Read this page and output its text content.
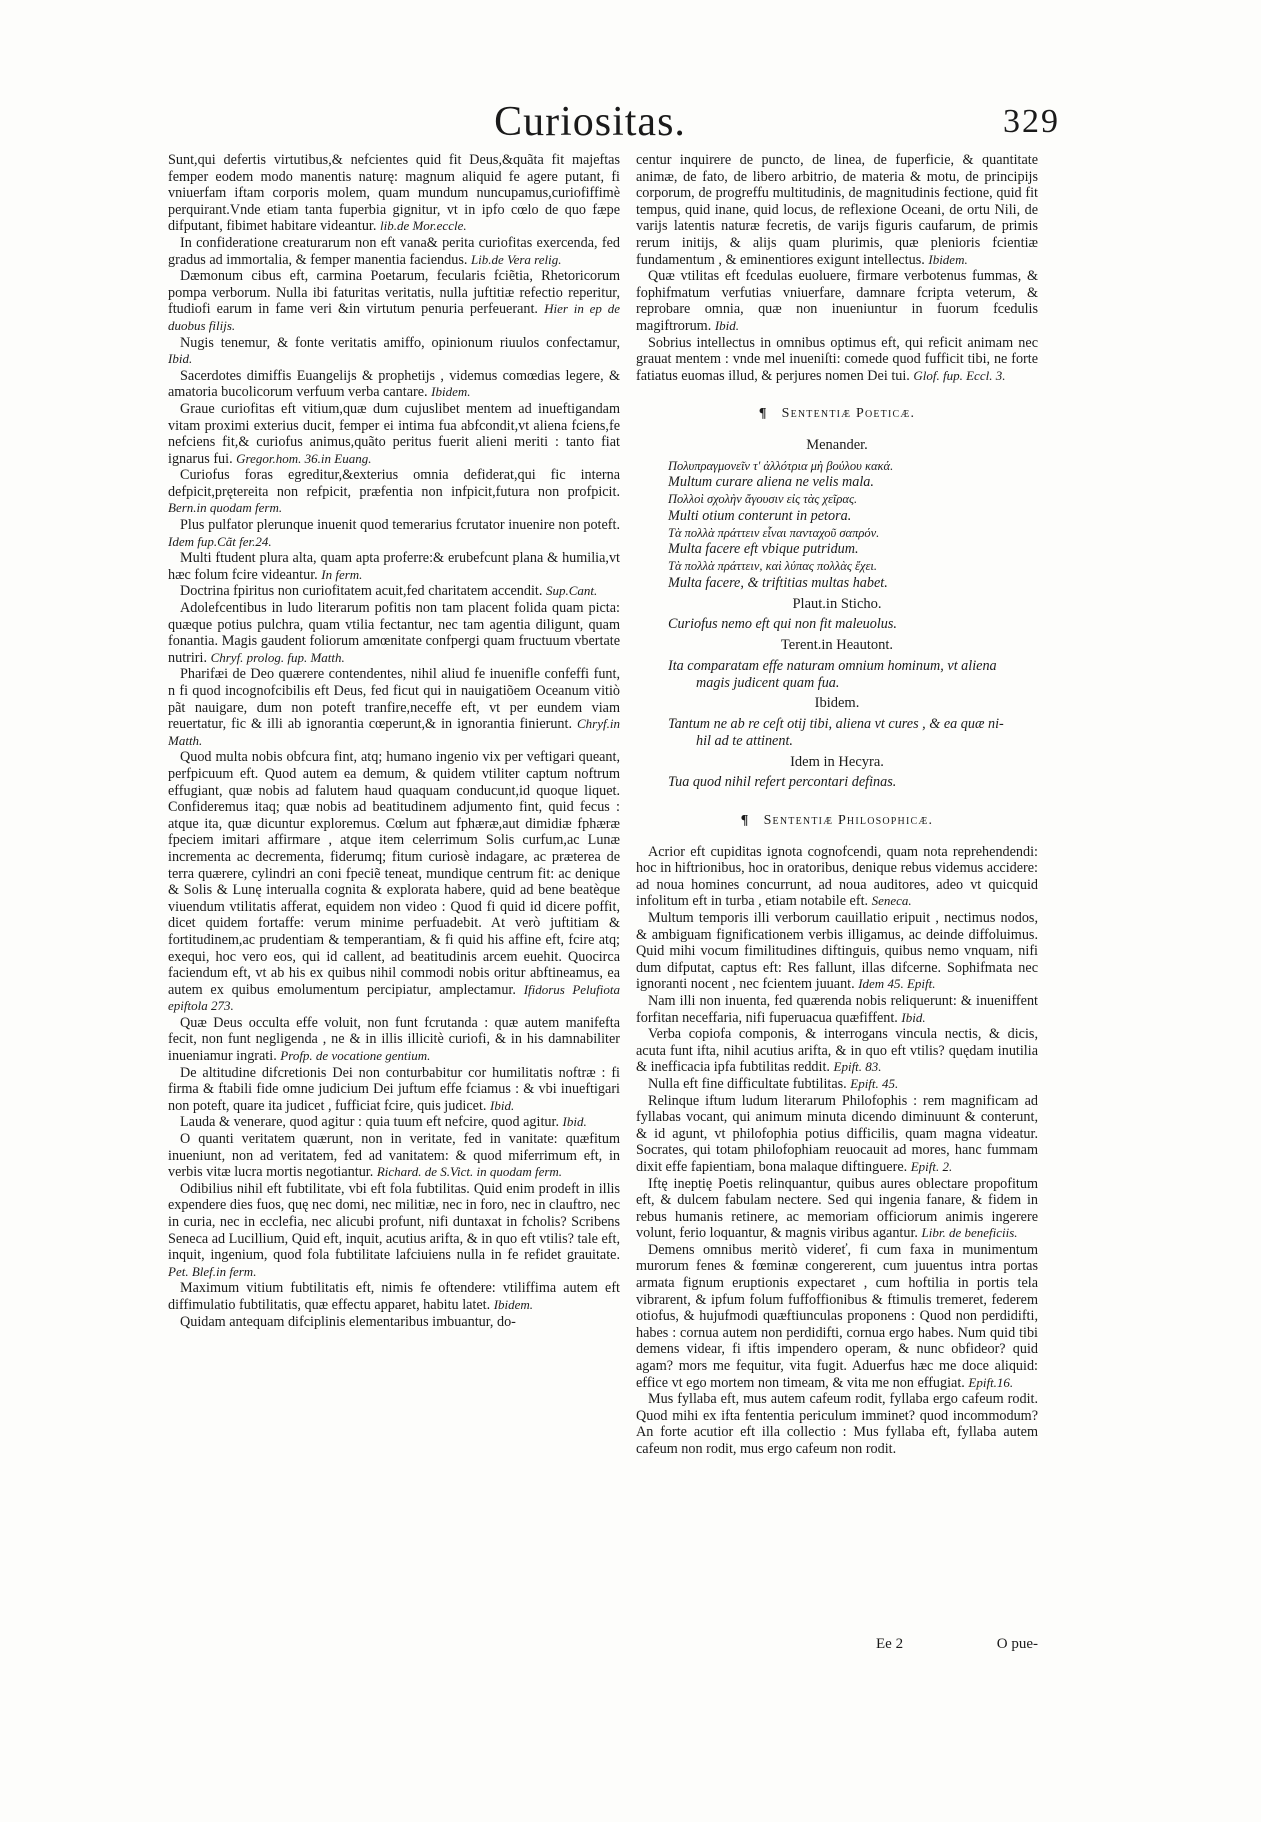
Curiositas.	329

Sunt,qui defertis virtutibus,& nefcientes quid fit Deus,&quãta fit majeftas femper eodem modo manentis naturę: magnum aliquid fe agere putant, fi vniuerfam iftam corporis molem, quam mundum nuncupamus,curiofiffimè perquirant.Vnde etiam tanta fuperbia gignitur, vt in ipfo cœlo de quo fæpe difputant, fibimet habitare videantur. lib.de Mor.eccle.

In confideratione creaturarum non eft vana& perita curiofitas exercenda, fed gradus ad immortalia, & femper manentia faciendus. Lib.de Vera relig.

Dæmonum cibus eft, carmina Poetarum, fecularis fciẽtia, Rhetoricorum pompa verborum. Nulla ibi faturitas veritatis, nulla juftitiæ refectio reperitur, ftudiofi earum in fame veri &in virtutum penuria perfeuerant. Hier in ep de duobus filijs.

Nugis tenemur, & fonte veritatis amiffo, opinionum riuulos confectamur, Ibid.

Sacerdotes dimiffis Euangelijs & prophetijs , videmus comœdias legere, & amatoria bucolicorum verfuum verba cantare. Ibidem.

Graue curiofitas eft vitium,quæ dum cujuslibet mentem ad inueftigandam vitam proximi exterius ducit, femper ei intima fua abfcondit,vt aliena fciens,fe nefciens fit,& curiofus animus,quãto peritus fuerit alieni meriti : tanto fiat ignarus fui. Gregor.hom. 36.in Euang.

Curiofus foras egreditur,&exterius omnia defiderat,qui fic interna defpicit,prętereita non refpicit, præfentia non infpicit,futura non profpicit. Bern.in quodam ferm.

Plus pulfator plerunque inuenit quod temerarius fcrutator inuenire non poteft. Idem fup.Cãt fer.24.

Multi ftudent plura alta, quam apta proferre:& erubefcunt plana & humilia,vt hæc folum fcire videantur. In ferm.

Doctrina fpiritus non curiofitatem acuit,fed charitatem accendit. Sup.Cant.

Adolefcentibus in ludo literarum pofitis non tam placent folida quam picta: quæque potius pulchra, quam vtilia fectantur, nec tam agentia diligunt, quam fonantia. Magis gaudent foliorum amœnitate confpergi quam fructuum vbertate nutriri. Chryf. prolog. fup. Matth.

Pharifæi de Deo quærere contendentes, nihil aliud fe inuenifle confeffi funt, n fi quod incognofcibilis eft Deus, fed ficut qui in nauigatiõem Oceanum vitiò pãt nauigare, dum non poteft tranfire,neceffe eft, vt per eundem viam reuertatur, fic & illi ab ignorantia cœperunt,& in ignorantia finierunt. Chryf.in Matth.

Quod multa nobis obfcura fint, atq; humano ingenio vix per veftigari queant, perfpicuum eft. Quod autem ea demum, & quidem vtiliter captum noftrum effugiant, quæ nobis ad falutem haud quaquam conducunt,id quoque liquet. Confideremus itaq; quæ nobis ad beatitudinem adjumento fint, quid fecus : atque ita, quæ dicuntur exploremus. Cœlum aut fphæræ,aut dimidiæ fphæræ fpeciem imitari affirmare , atque item celerrimum Solis curfum,ac Lunæ incrementa ac decrementa, fiderumq; fitum curiosè indagare, ac præterea de terra quærere, cylindri an coni fpeciẽ teneat, mundique centrum fit: ac denique & Solis & Lunę interualla cognita & explorata habere, quid ad bene beatèque viuendum vtilitatis afferat, equidem non video : Quod fi quid id dicere poffit, dicet quidem fortaffe: verum minime perfuadebit. At verò juftitiam & fortitudinem,ac prudentiam & temperantiam, & fi quid his affine eft, fcire atq; exequi, hoc vero eos, qui id callent, ad beatitudinis arcem euehit. Quocirca faciendum eft, vt ab his ex quibus nihil commodi nobis oritur abftineamus, ea autem ex quibus emolumentum percipiatur, amplectamur. Ifidorus Pelufiota epiftola 273.

Quæ Deus occulta effe voluit, non funt fcrutanda : quæ autem manifefta fecit, non funt negligenda , ne & in illis illicitè curiofi, & in his damnabiliter inueniamur ingrati. Profp. de vocatione gentium.

De altitudine difcretionis Dei non conturbabitur cor humilitatis noftræ : fi firma & ftabili fide omne judicium Dei juftum effe fciamus : & vbi inueftigari non poteft, quare ita judicet , fufficiat fcire, quis judicet. Ibid.

Lauda & venerare, quod agitur : quia tuum eft nefcire, quod agitur. Ibid.

O quanti veritatem quærunt, non in veritate, fed in vanitate: quæfitum inueniunt, non ad veritatem, fed ad vanitatem: & quod miferrimum eft, in verbis vitæ lucra mortis negotiantur. Richard. de S.Vict. in quodam ferm.

Odibilius nihil eft fubtilitate, vbi eft fola fubtilitas. Quid enim prodeft in illis expendere dies fuos, quę nec domi, nec militiæ, nec in foro, nec in clauftro, nec in curia, nec in ecclefia, nec alicubi profunt, nifi duntaxat in fcholis? Scribens Seneca ad Lucillium, Quid eft, inquit, acutius arifta, & in quo eft vtilis? tale eft, inquit, ingenium, quod fola fubtilitate lafciuiens nulla in fe refidet grauitate. Pet. Blef.in ferm.

Maximum vitium fubtilitatis eft, nimis fe oftendere: vtiliffima autem eft diffimulatio fubtilitatis, quæ effectu apparet, habitu latet. Ibidem.

Quidam antequam difciplinis elementaribus imbuantur, do-

centur inquirere de puncto, de linea, de fuperficie, & quantitate animæ, de fato, de libero arbitrio, de materia & motu, de principijs corporum, de progreffu multitudinis, de magnitudinis fectione, quid fit tempus, quid inane, quid locus, de reflexione Oceani, de ortu Nili, de varijs latentis naturæ fecretis, de varijs figuris caufarum, de primis rerum initijs, & alijs quam plurimis, quæ plenioris fcientiæ fundamentum , & eminentiores exigunt intellectus. Ibidem.

Quæ vtilitas eft fcedulas euoluere, firmare verbotenus fummas, & fophifmatum verfutias vniuerfare, damnare fcripta veterum, & reprobare omnia, quæ non inueniuntur in fuorum fcedulis magiftrorum. Ibid.

Sobrius intellectus in omnibus optimus eft, qui reficit animam nec grauat mentem : vnde mel inueniſti: comede quod fufficit tibi, ne forte fatiatus euomas illud, & perjures nomen Dei tui. Glof. fup. Eccl. 3.

¶ Sententiæ Poeticæ.
Menander.
Πολυπραγμονεῖν τ' ἀλλότρια μὴ βούλου κακά.
Multum curare aliena ne velis mala.
Πολλοὶ σχολὴν ἄγουσιν εἰς τὰς χεῖρας.
Multi otium conterunt in petora.
Τὰ πολλὰ πράττειν εἶναι πανταχοῦ σαπρόν.
Multa facere eft vbique putridum.
Τὰ πολλὰ πράττειν, καὶ λύπας πολλὰς ἔχει.
Multa facere, & triftitias multas habet.
Plaut.in Sticho.
Curiofus nemo eft qui non fit maleuolus.
Terent.in Heautont.
Ita comparatam effe naturam omnium hominum, vt aliena
magis judicent quam fua.
Ibidem.
Tantum ne ab re ceſt otij tibi, aliena vt cures , & ea quæ ni-
hil ad te attinent.
Idem in Hecyra.
Tua quod nihil refert percontari definas.
¶ Sententiæ Philosophicæ.

Acrior eft cupiditas ignota cognofcendi, quam nota reprehendendi: hoc in hiftrionibus, hoc in oratoribus, denique rebus videmus accidere: ad noua homines concurrunt, ad noua auditores, adeo vt quicquid infolitum eft in turba , etiam notabile eft. Seneca.

Multum temporis illi verborum cauillatio eripuit , nectimus nodos, & ambiguam fignificationem verbis illigamus, ac deinde diffoluimus. Quid mihi vocum fimilitudines diftinguis, quibus nemo vnquam, nifi dum difputat, captus eft: Res fallunt, illas difcerne. Sophifmata nec ignoranti nocent , nec fcientem juuant. Idem 45. Epift.

Nam illi non inuenta, fed quærenda nobis reliquerunt: & inueniffent forfitan neceffaria, nifi fuperuacua quæfiffent. Ibid.

Verba copiofa componis, & interrogans vincula nectis, & dicis, acuta funt ifta, nihil acutius arifta, & in quo eft vtilis? quędam inutilia & inefficacia ipfa fubtilitas reddit. Epift. 83.

Nulla eft fine difficultate fubtilitas. Epift. 45.

Relinque iftum ludum literarum Philofophis : rem magnificam ad fyllabas vocant, qui animum minuta dicendo diminuunt & conterunt, & id agunt, vt philofophia potius difficilis, quam magna videatur. Socrates, qui totam philofophiam reuocauit ad mores, hanc fummam dixit effe fapientiam, bona malaque diftinguere. Epift. 2.

Iftę ineptię Poetis relinquantur, quibus aures oblectare propofitum eft, & dulcem fabulam nectere. Sed qui ingenia fanare, & fidem in rebus humanis retinere, ac memoriam officiorum animis ingerere volunt, ferio loquantur, & magnis viribus agantur. Libr. de beneficiis.

Demens omnibus meritò videreť, fi cum faxa in munimentum murorum fenes & fœminæ congererent, cum juuentus intra portas armata fignum eruptionis expectaret , cum hoftilia in portis tela vibrarent, & ipfum folum fuffoffionibus & ftimulis tremeret, federem otiofus, & hujufmodi quæftiunculas proponens : Quod non perdidifti, habes : cornua autem non perdidifti, cornua ergo habes. Num quid tibi demens videar, fi iftis impendero operam, & nunc obfideor? quid agam? mors me fequitur, vita fugit. Aduerfus hæc me doce aliquid: effice vt ego mortem non timeam, & vita me non effugiat. Epift.16.

Mus fyllaba eft, mus autem cafeum rodit, fyllaba ergo cafeum rodit. Quod mihi ex ifta fententia periculum imminet? quod incommodum? An forte acutior eft illa collectio : Mus fyllaba eft, fyllaba autem cafeum non rodit, mus ergo cafeum non rodit.

Ee 2	O pue-
